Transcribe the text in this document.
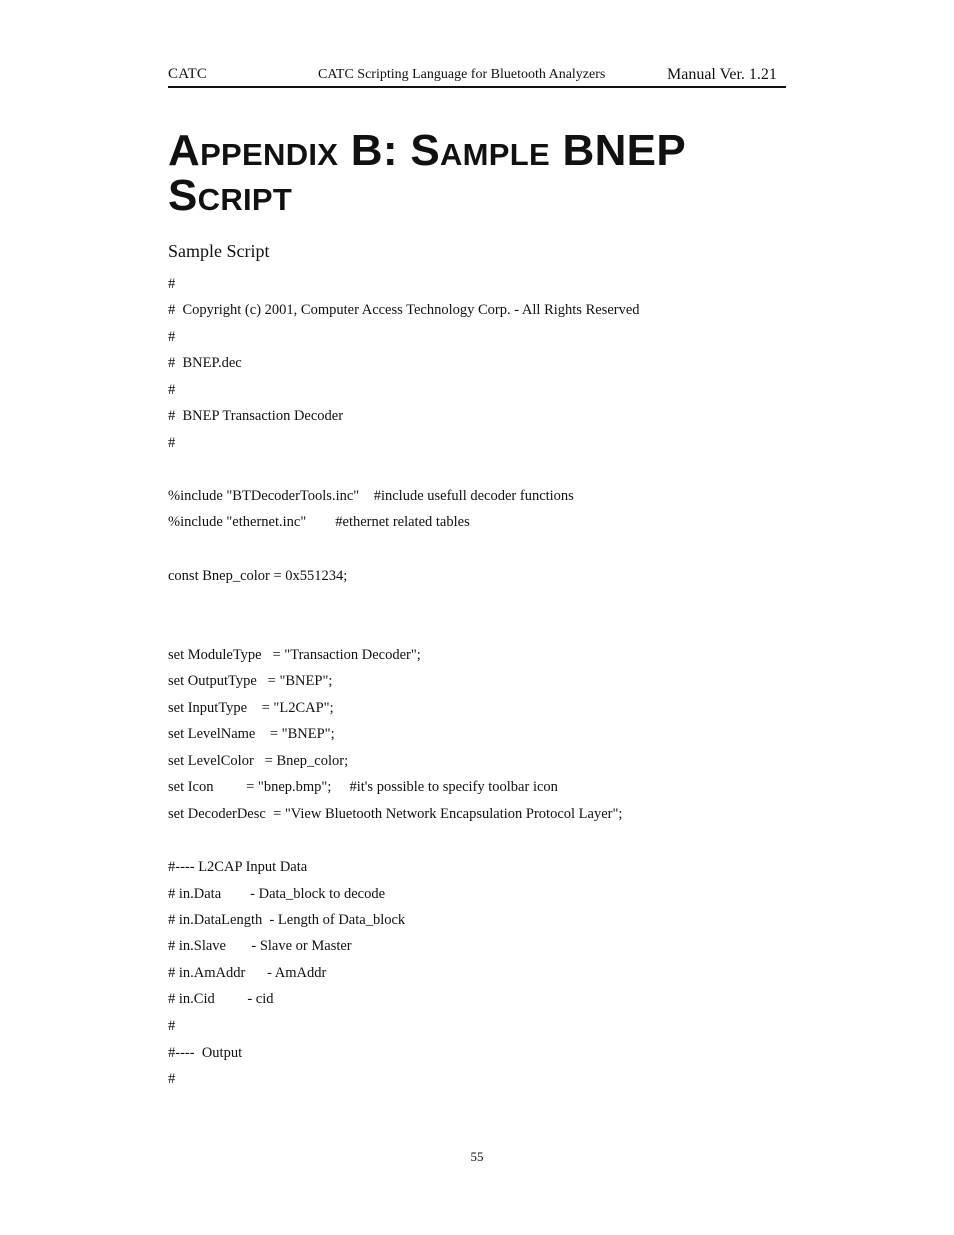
CATC	CATC Scripting Language for Bluetooth Analyzers	Manual Ver. 1.21
Appendix B: Sample BNEP Script
Sample Script
#
#  Copyright (c) 2001, Computer Access Technology Corp. - All Rights Reserved
#
#  BNEP.dec
#
#  BNEP Transaction Decoder
#
%include "BTDecoderTools.inc"    #include usefull decoder functions
%include "ethernet.inc"        #ethernet related tables
const Bnep_color = 0x551234;
set ModuleType   = "Transaction Decoder";
set OutputType   = "BNEP";
set InputType    = "L2CAP";
set LevelName    = "BNEP";
set LevelColor   = Bnep_color;
set Icon         = "bnep.bmp";     #it's possible to specify toolbar icon
set DecoderDesc  = "View Bluetooth Network Encapsulation Protocol Layer";
#---- L2CAP Input Data
# in.Data        - Data_block to decode
# in.DataLength  - Length of Data_block
# in.Slave       - Slave or Master
# in.AmAddr      - AmAddr
# in.Cid         - cid
#
#----  Output
#
55
